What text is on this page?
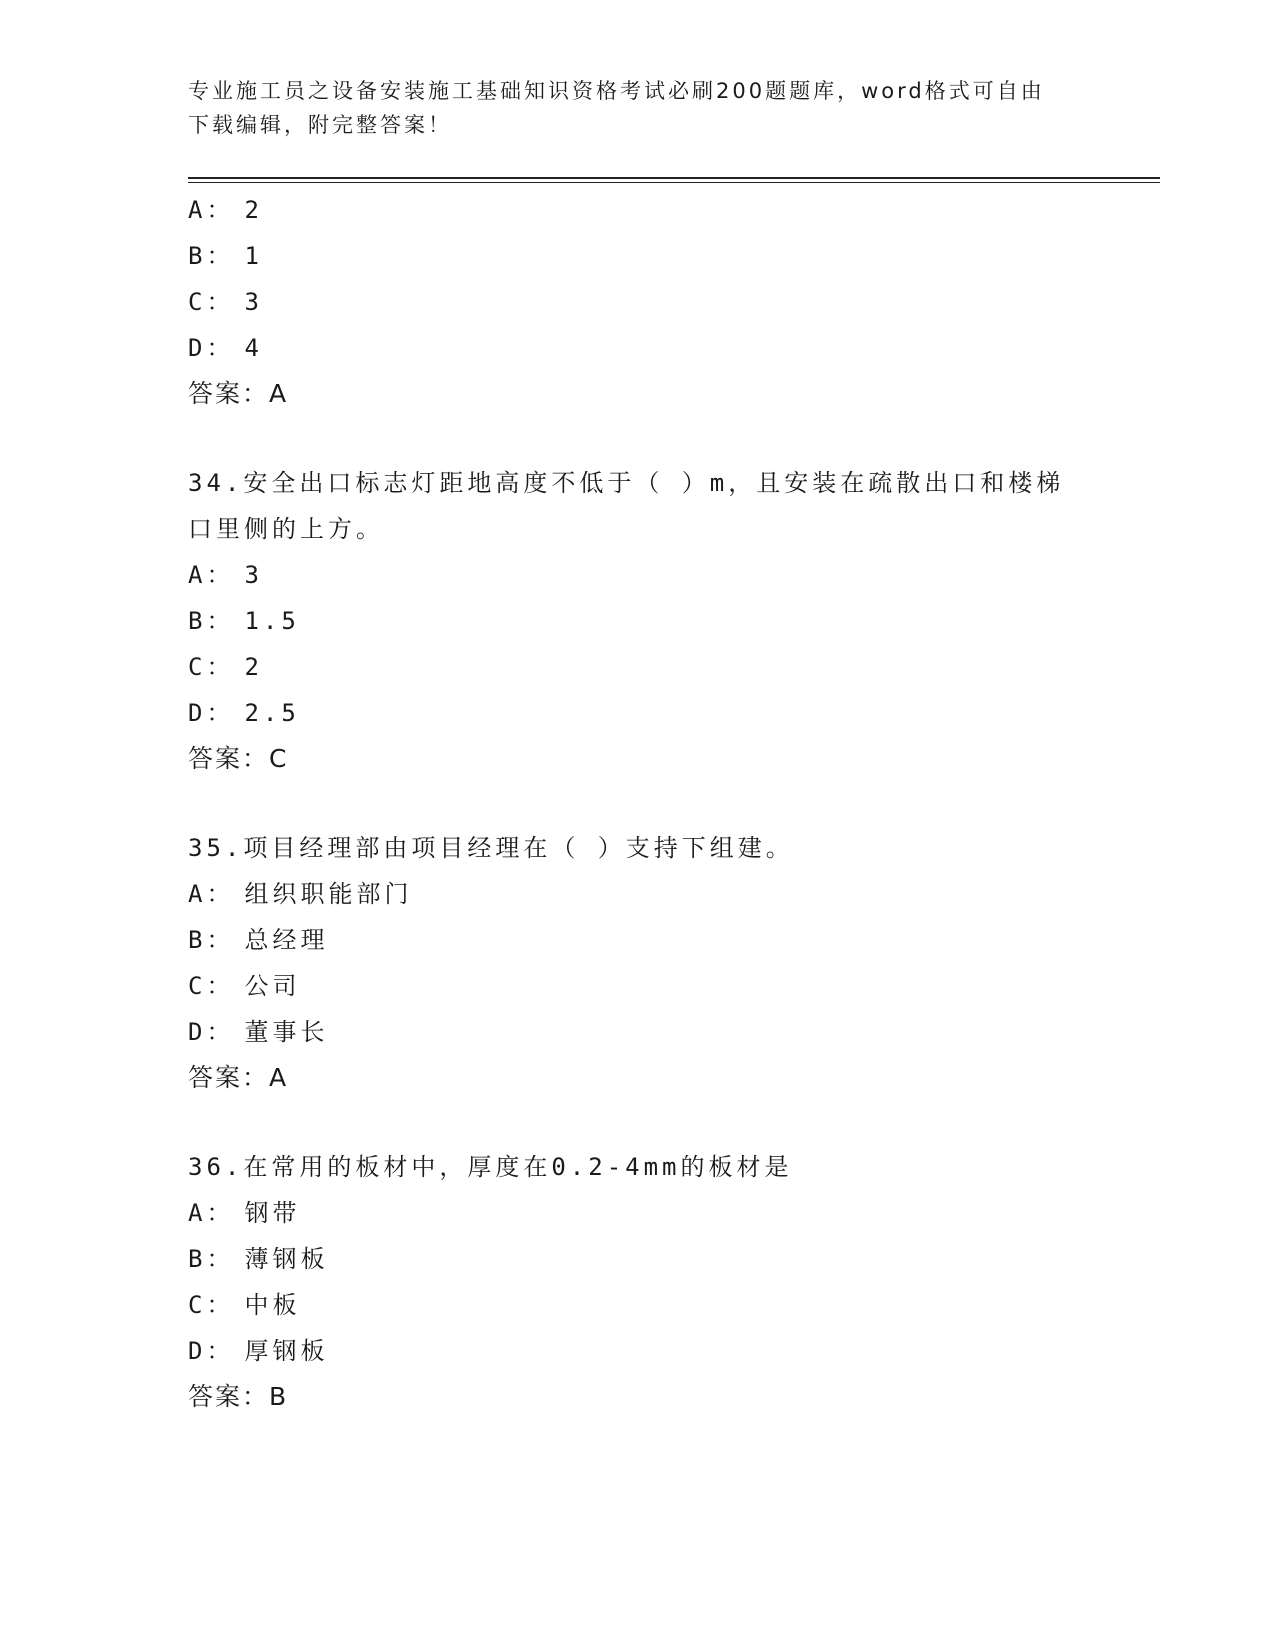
专业施工员之设备安装施工基础知识资格考试必刷200题题库，word格式可自由
下载编辑，附完整答案！
A： 2
B： 1
C： 3
D： 4
答案：A
34.安全出口标志灯距地高度不低于（ ）m，且安装在疏散出口和楼梯
口里侧的上方。
A： 3
B： 1.5
C： 2
D： 2.5
答案：C
35.项目经理部由项目经理在（ ）支持下组建。
A： 组织职能部门
B： 总经理
C： 公司
D： 董事长
答案：A
36.在常用的板材中，厚度在0.2-4mm的板材是
A： 钢带
B： 薄钢板
C： 中板
D： 厚钢板
答案：B
